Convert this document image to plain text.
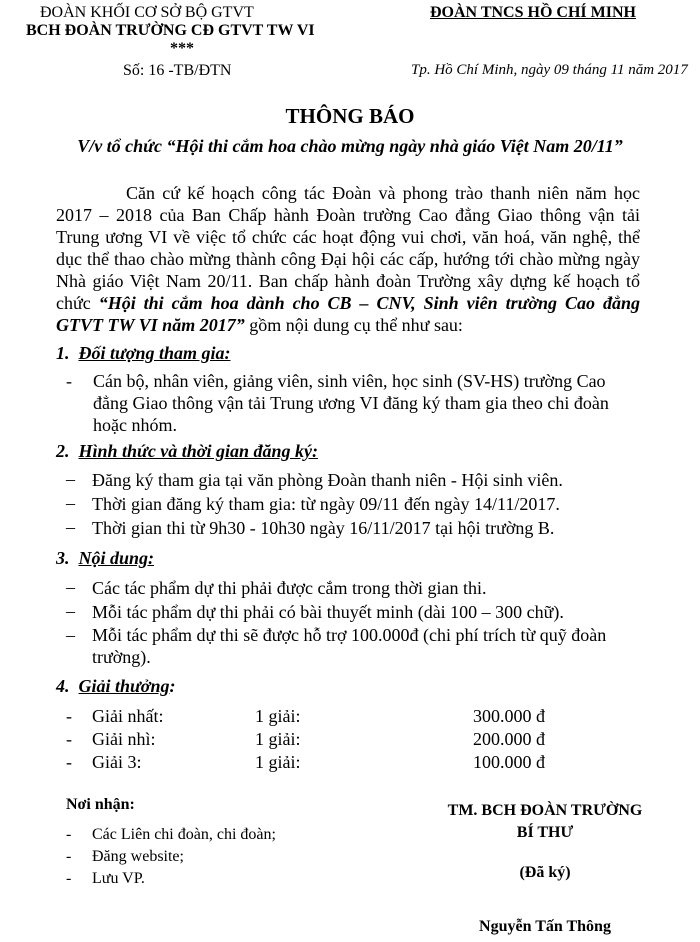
ĐOÀN KHỐI CƠ SỞ BỘ GTVT
BCH ĐOÀN TRƯỜNG CĐ GTVT TW VI
***
Số: 16 -TB/ĐTN
ĐOÀN TNCS HỒ CHÍ MINH
Tp. Hồ Chí Minh, ngày 09 tháng 11 năm 2017
THÔNG BÁO
V/v tổ chức “Hội thi cắm hoa chào mừng ngày nhà giáo Việt Nam 20/11”
Căn cứ kế hoạch công tác Đoàn và phong trào thanh niên năm học 2017 – 2018 của Ban Chấp hành Đoàn trường Cao đẳng Giao thông vận tải Trung ương VI về việc tổ chức các hoạt động vui chơi, văn hoá, văn nghệ, thể dục thể thao chào mừng thành công Đại hội các cấp, hướng tới chào mừng ngày Nhà giáo Việt Nam 20/11. Ban chấp hành đoàn Trường xây dựng kế hoạch tổ chức “Hội thi cắm hoa dành cho CB – CNV, Sinh viên trường Cao đẳng GTVT TW VI năm 2017” gồm nội dung cụ thể như sau:
1. Đối tượng tham gia:
- Cán bộ, nhân viên, giảng viên, sinh viên, học sinh (SV-HS) trường Cao đẳng Giao thông vận tải Trung ương VI đăng ký tham gia theo chi đoàn hoặc nhóm.
2. Hình thức và thời gian đăng ký:
– Đăng ký tham gia tại văn phòng Đoàn thanh niên - Hội sinh viên.
– Thời gian đăng ký tham gia: từ ngày 09/11 đến ngày 14/11/2017.
– Thời gian thi từ 9h30 - 10h30 ngày 16/11/2017 tại hội trường B.
3. Nội dung:
– Các tác phẩm dự thi phải được cắm trong thời gian thi.
– Mỗi tác phẩm dự thi phải có bài thuyết minh (dài 100 – 300 chữ).
– Mỗi tác phẩm dự thi sẽ được hỗ trợ 100.000đ (chi phí trích từ quỹ đoàn trường).
4. Giải thưởng:
- Giải nhất:	1 giải:	300.000 đ
- Giải nhì:	1 giải:	200.000 đ
- Giải 3:	1 giải:	100.000 đ
Nơi nhận:
- Các Liên chi đoàn, chi đoàn;
- Đăng website;
- Lưu VP.
TM. BCH ĐOÀN TRƯỜNG
BÍ THƯ
(Đã ký)
Nguyễn Tấn Thông
